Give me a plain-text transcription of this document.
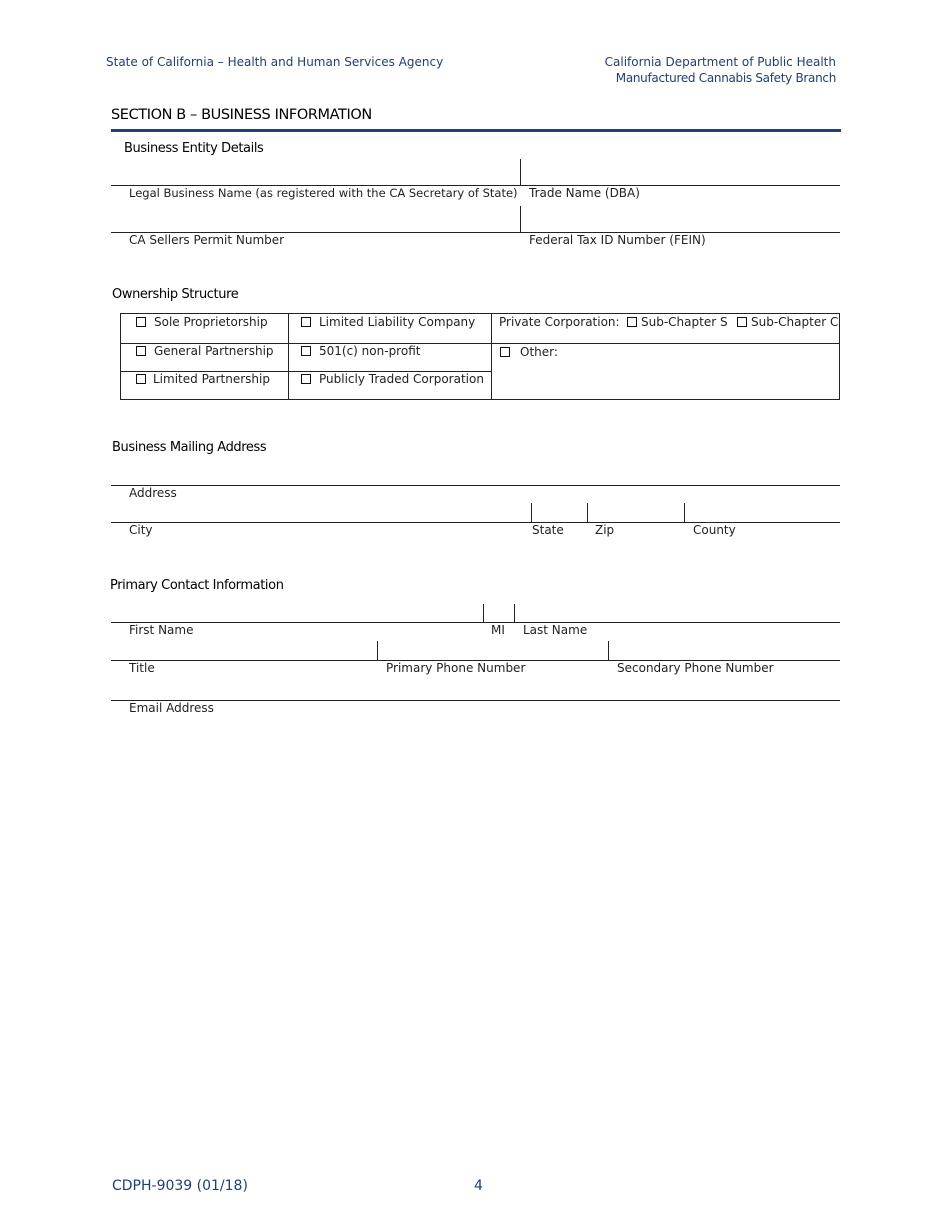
State of California – Health and Human Services Agency	California Department of Public Health
Manufactured Cannabis Safety Branch
SECTION B – BUSINESS INFORMATION
Business Entity Details
Legal Business Name (as registered with the CA Secretary of State) Trade Name (DBA)
CA Sellers Permit Number	Federal Tax ID Number (FEIN)
Ownership Structure
Sole Proprietorship	Limited Liability Company Private Corporation:	Sub-Chapter S	Sub-Chapter C
General Partnership	501(c) non-profit	Other:
Limited Partnership	Publicly Traded Corporation
Business Mailing Address
Address
City	State	Zip	County
Primary Contact Information
First Name	MI Last Name
Title	Primary Phone Number	Secondary Phone Number
Email Address
CDPH-9039 (01/18)	4
